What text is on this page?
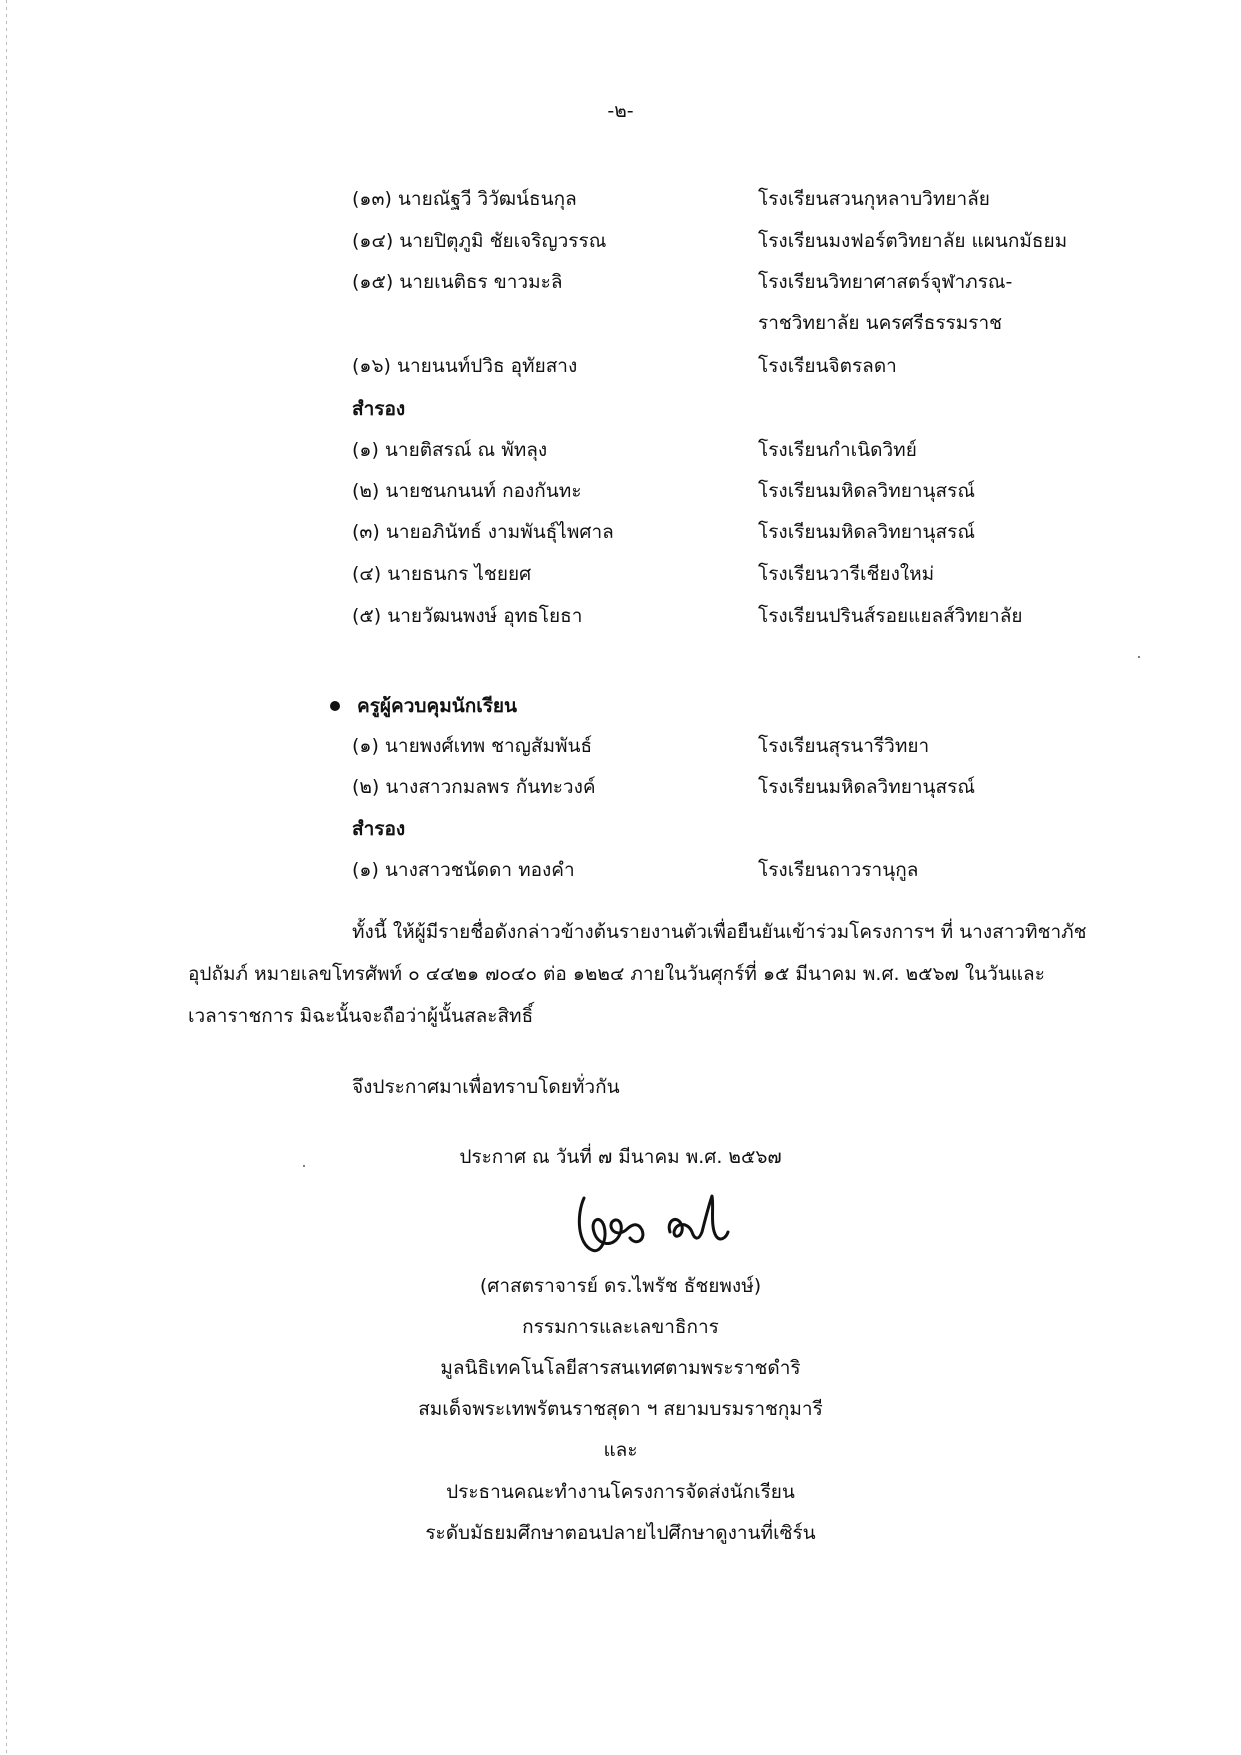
-๒-
(๑๓) นายณัฐวี วิวัฒน์ธนกุล	โรงเรียนสวนกุหลาบวิทยาลัย
(๑๔) นายปิตุภูมิ ชัยเจริญวรรณ	โรงเรียนมงฟอร์ตวิทยาลัย แผนกมัธยม
(๑๕) นายเนติธร ขาวมะลิ	โรงเรียนวิทยาศาสตร์จุฬาภรณ-
ราชวิทยาลัย นครศรีธรรมราช
(๑๖) นายนนท์ปวิธ อุทัยสาง	โรงเรียนจิตรลดา
สำรอง
(๑) นายติสรณ์ ณ พัทลุง	โรงเรียนกำเนิดวิทย์
(๒) นายชนกนนท์ กองกันทะ	โรงเรียนมหิดลวิทยานุสรณ์
(๓) นายอภินัทธ์ งามพันธุ์ไพศาล	โรงเรียนมหิดลวิทยานุสรณ์
(๔) นายธนกร ไชยยศ	โรงเรียนวารีเชียงใหม่
(๕) นายวัฒนพงษ์ อุทธโยธา	โรงเรียนปรินส์รอยแยลส์วิทยาลัย
ครูผู้ควบคุมนักเรียน
(๑) นายพงศ์เทพ ชาญสัมพันธ์	โรงเรียนสุรนารีวิทยา
(๒) นางสาวกมลพร กันทะวงค์	โรงเรียนมหิดลวิทยานุสรณ์
สำรอง
(๑) นางสาวชนัดดา ทองคำ	โรงเรียนถาวรานุกูล
ทั้งนี้ ให้ผู้มีรายชื่อดังกล่าวข้างต้นรายงานตัวเพื่อยืนยันเข้าร่วมโครงการฯ ที่ นางสาวทิชาภัช
อุปถัมภ์ หมายเลขโทรศัพท์ ๐ ๔๔๒๑ ๗๐๔๐ ต่อ ๑๒๒๔ ภายในวันศุกร์ที่ ๑๕ มีนาคม พ.ศ. ๒๕๖๗ ในวันและ
เวลาราชการ มิฉะนั้นจะถือว่าผู้นั้นสละสิทธิ์
จึงประกาศมาเพื่อทราบโดยทั่วกัน
ประกาศ ณ วันที่ ๗ มีนาคม พ.ศ. ๒๕๖๗
(ศาสตราจารย์ ดร.ไพรัช ธัชยพงษ์)
กรรมการและเลขาธิการ
มูลนิธิเทคโนโลยีสารสนเทศตามพระราชดำริ
สมเด็จพระเทพรัตนราชสุดา ฯ สยามบรมราชกุมารี
และ
ประธานคณะทำงานโครงการจัดส่งนักเรียน
ระดับมัธยมศึกษาตอนปลายไปศึกษาดูงานที่เซิร์น
